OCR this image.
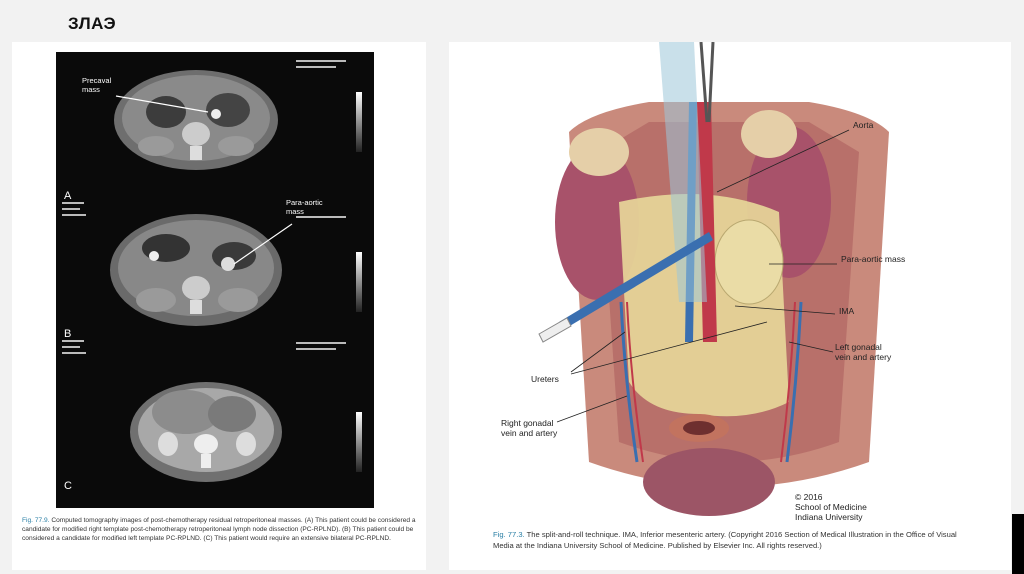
ЗЛАЭ
A
B
C
Precaval
mass
Para-aortic
mass
Fig. 77.9. Computed tomography images of post-chemotherapy residual retroperitoneal masses. (A) This patient could be considered a candidate for modified right template post-chemotherapy retroperitoneal lymph node dissection (PC-RPLND). (B) This patient could be considered a candidate for modified left template PC-RPLND. (C) This patient would require an extensive bilateral PC-RPLND.
Aorta
Para-aortic mass
IMA
Left gonadal
vein and artery
Ureters
Right gonadal
vein and artery
© 2016
School of Medicine
Indiana University
Fig. 77.3. The split-and-roll technique. IMA, Inferior mesenteric artery. (Copyright 2016 Section of Medical Illustration in the Office of Visual Media at the Indiana University School of Medicine. Published by Elsevier Inc. All rights reserved.)
